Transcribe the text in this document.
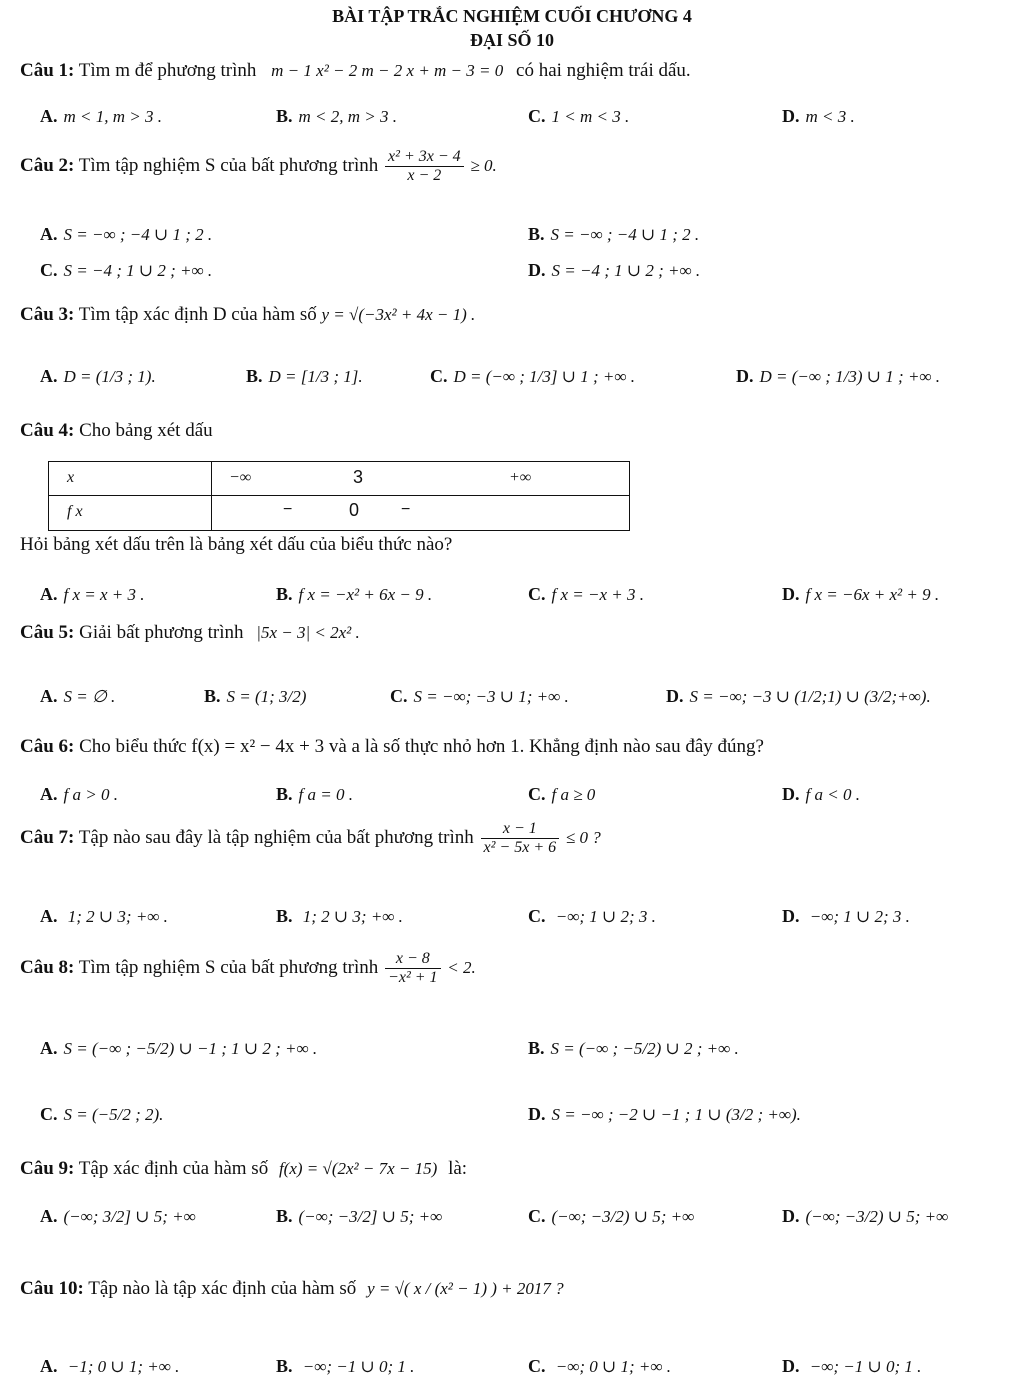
BÀI TẬP TRẮC NGHIỆM CUỐI CHƯƠNG 4
ĐẠI SỐ 10
Câu 1: Tìm m để phương trình m − 1 x² − 2 m − 2 x + m − 3 = 0 có hai nghiệm trái dấu.
A. m < 1, m > 3 .	B. m < 2, m > 3 .	C. 1 < m < 3 .	D. m < 3 .
Câu 2: Tìm tập nghiệm S của bất phương trình $\frac{\text{x² + 3x − 4}}{x - 2} \ge 0$.
A. S = −∞ ; −4 ∪ 1 ; 2 .	B. S = −∞ ; −4 ∪ 1 ; 2 .
C. S = −4 ; 1 ∪ 2 ; +∞ .	D. S = −4 ; 1 ∪ 2 ; +∞ .
Câu 3: Tìm tập xác định D của hàm số y = √(−3x² + 4x − 1) .
A. D = (1/3 ; 1).	B. D = [1/3 ; 1].	C. D = (−∞ ; 1/3] ∪ 1 ; +∞ .	D. D = (−∞ ; 1/3) ∪ 1 ; +∞ .
Câu 4: Cho bảng xét dấu
x	−∞	3	+∞
f x	−	0	−
Hỏi bảng xét dấu trên là bảng xét dấu của biểu thức nào?
A. f x = x + 3 .	B. f x = −x² + 6x − 9 .	C. f x = −x + 3 .	D. f x = −6x + x² + 9 .
Câu 5: Giải bất phương trình |5x − 3| < 2x² .
A. S = ∅ .	B. S = (1; 3/2)	C. S = −∞; −3 ∪ 1; +∞ .	D. S = −∞; −3 ∪ (1/2;1) ∪ (3/2;+∞).
Câu 6: Cho biểu thức f(x) = x² − 4x + 3 và a là số thực nhỏ hơn 1. Khẳng định nào sau đây đúng?
A. f a > 0 .	B. f a = 0 .	C. f a ≥ 0	D. f a < 0 .
Câu 7: Tập nào sau đây là tập nghiệm của bất phương trình $\frac{x - 1}{\text{x² − 5x + 6}} \le 0$ ?
A. 1; 2 ∪ 3; +∞ .	B. 1; 2 ∪ 3; +∞ .	C. −∞; 1 ∪ 2; 3 .	D. −∞; 1 ∪ 2; 3 .
Câu 8: Tìm tập nghiệm S của bất phương trình $\frac{x - 8}{\text{−x² + 1}} < 2$.
A. S = (−∞ ; −5/2) ∪ −1 ; 1 ∪ 2 ; +∞ .	B. S = (−∞ ; −5/2) ∪ 2 ; +∞ .
C. S = (−5/2 ; 2).	D. S = −∞ ; −2 ∪ −1 ; 1 ∪ (3/2 ; +∞).
Câu 9: Tập xác định của hàm số f(x) = √(2x² − 7x − 15) là:
A. (−∞; 3/2] ∪ 5; +∞	B. (−∞; −3/2] ∪ 5; +∞	C. (−∞; −3/2) ∪ 5; +∞	D. (−∞; −3/2) ∪ 5; +∞
Câu 10: Tập nào là tập xác định của hàm số y = √( x / (x² − 1) ) + 2017 ?
A. −1; 0 ∪ 1; +∞ .	B. −∞; −1 ∪ 0; 1 .	C. −∞; 0 ∪ 1; +∞ .	D. −∞; −1 ∪ 0; 1 .
